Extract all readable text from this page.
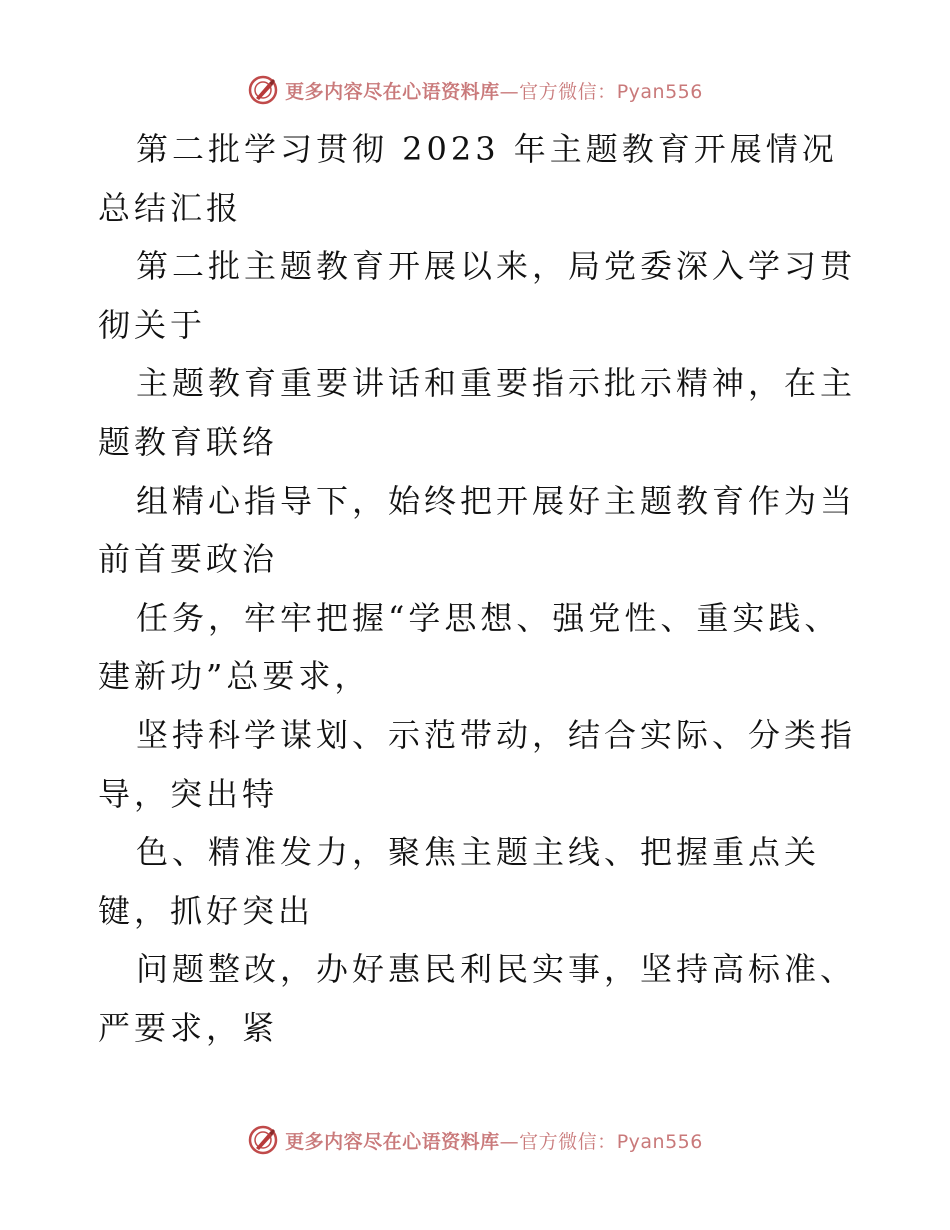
更多内容尽在心语资料库—官方微信：Pyan556

第二批学习贯彻 2023 年主题教育开展情况总结汇报

第二批主题教育开展以来，局党委深入学习贯彻关于

主题教育重要讲话和重要指示批示精神，在主题教育联络

组精心指导下，始终把开展好主题教育作为当前首要政治

任务，牢牢把握“学思想、强党性、重实践、建新功”总要求，

坚持科学谋划、示范带动，结合实际、分类指导，突出特

色、精准发力，聚焦主题主线、把握重点关键，抓好突出

问题整改，办好惠民利民实事，坚持高标准、严要求，紧

更多内容尽在心语资料库—官方微信：Pyan556
